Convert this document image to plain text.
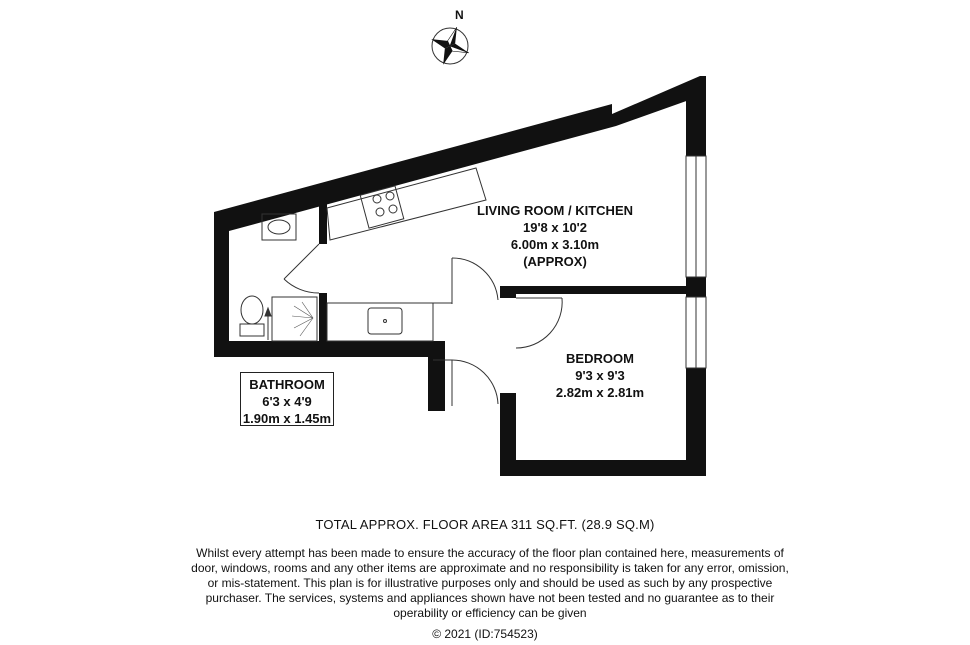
N
LIVING ROOM / KITCHEN
19'8 x 10'2
6.00m x 3.10m
(APPROX)
BEDROOM
9'3 x 9'3
2.82m x 2.81m
BATHROOM
6'3 x 4'9
1.90m x 1.45m
TOTAL APPROX. FLOOR AREA 311 SQ.FT. (28.9 SQ.M)
Whilst every attempt has been made to ensure the accuracy of the floor plan contained here, measurements of door, windows, rooms and any other items are approximate and no responsibility is taken for any error, omission, or mis-statement. This plan is for illustrative purposes only and should be used as such by any prospective purchaser. The services, systems and appliances shown have not been tested and no guarantee as to their operability or efficiency can be given
© 2021 (ID:754523)
